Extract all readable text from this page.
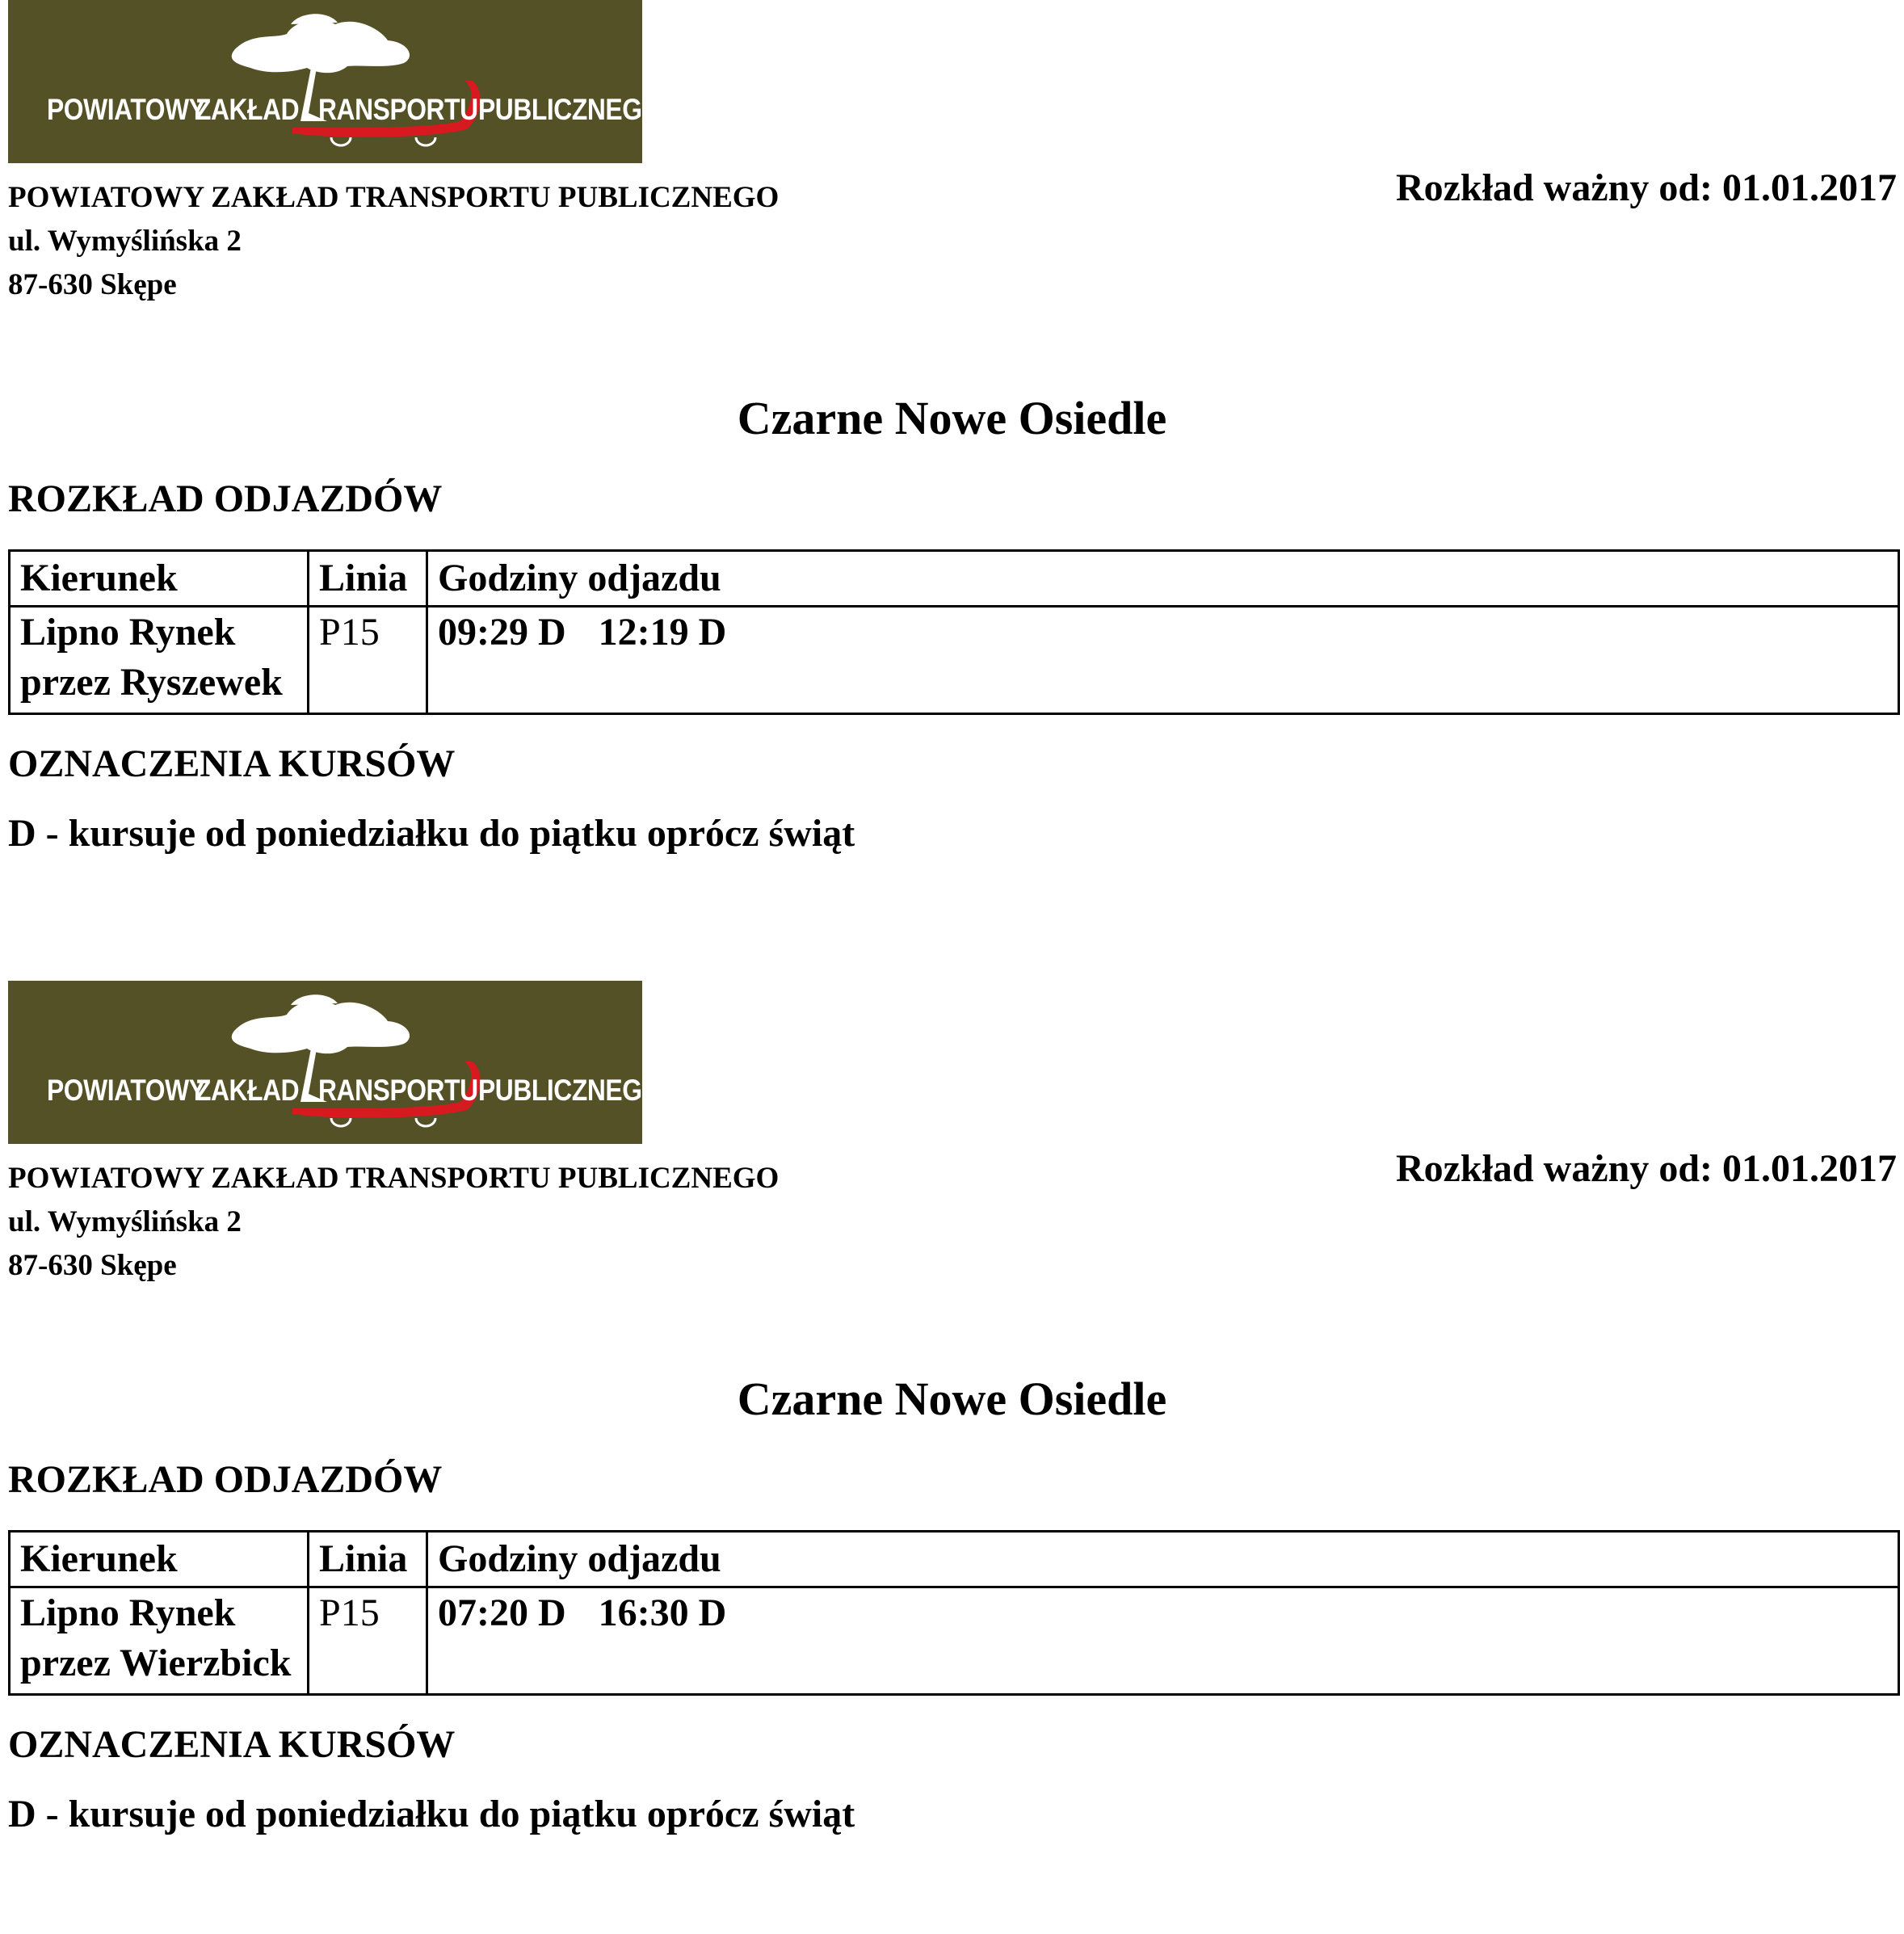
POWIATOWY
ZAKŁAD RANSPORTU PUBLICZNEGO
POWIATOWY ZAKŁAD TRANSPORTU PUBLICZNEGO
ul. Wymyślińska 2
87-630 Skępe
Rozkład ważny od: 01.01.2017
Czarne Nowe Osiedle
ROZKŁAD ODJAZDÓW
Kierunek	Linia	Godziny odjazdu

Lipno Rynek
przez Ryszewek	P15	09:29 D 12:19 D
OZNACZENIA KURSÓW
D - kursuje od poniedziałku do piątku oprócz świąt
POWIATOWY
ZAKŁAD RANSPORTU PUBLICZNEGO
POWIATOWY ZAKŁAD TRANSPORTU PUBLICZNEGO
ul. Wymyślińska 2
87-630 Skępe
Rozkład ważny od: 01.01.2017
Czarne Nowe Osiedle
ROZKŁAD ODJAZDÓW
Kierunek	Linia	Godziny odjazdu

Lipno Rynek
przez Wierzbick	P15	07:20 D 16:30 D
OZNACZENIA KURSÓW
D - kursuje od poniedziałku do piątku oprócz świąt
